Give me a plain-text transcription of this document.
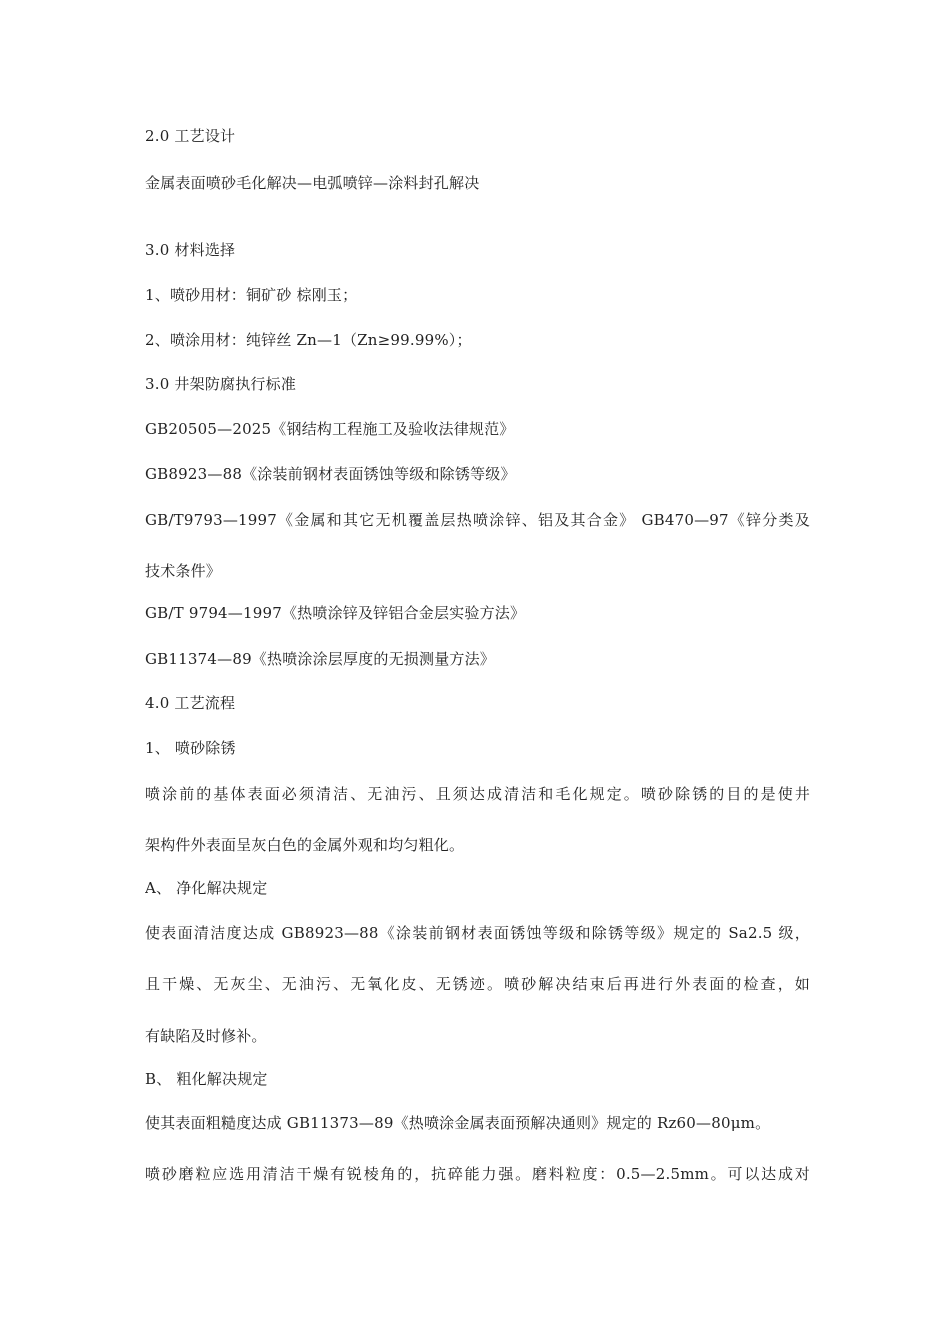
2.0 工艺设计
金属表面喷砂毛化解决—电弧喷锌—涂料封孔解决
3.0 材料选择
1、喷砂用材：铜矿砂 棕刚玉；
2、喷涂用材：纯锌丝 Zn—1（Zn≥99.99%）；
3.0 井架防腐执行标准
GB20505—2025《钢结构工程施工及验收法律规范》
GB8923—88《涂装前钢材表面锈蚀等级和除锈等级》
GB/T9793—1997《金属和其它无机覆盖层热喷涂锌、铝及其合金》 GB470—97《锌分类及
技术条件》
GB/T 9794—1997《热喷涂锌及锌铝合金层实验方法》
GB11374—89《热喷涂涂层厚度的无损测量方法》
4.0 工艺流程
1、 喷砂除锈
喷涂前的基体表面必须清洁、无油污、且须达成清洁和毛化规定。喷砂除锈的目的是使井
架构件外表面呈灰白色的金属外观和均匀粗化。
A、 净化解决规定
使表面清洁度达成 GB8923—88《涂装前钢材表面锈蚀等级和除锈等级》规定的 Sa2.5 级，
且干燥、无灰尘、无油污、无氧化皮、无锈迹。喷砂解决结束后再进行外表面的检查，如
有缺陷及时修补。
B、 粗化解决规定
使其表面粗糙度达成 GB11373—89《热喷涂金属表面预解决通则》规定的 Rz60—80μm。
喷砂磨粒应选用清洁干燥有锐棱角的，抗碎能力强。磨料粒度：0.5—2.5mm。可以达成对
